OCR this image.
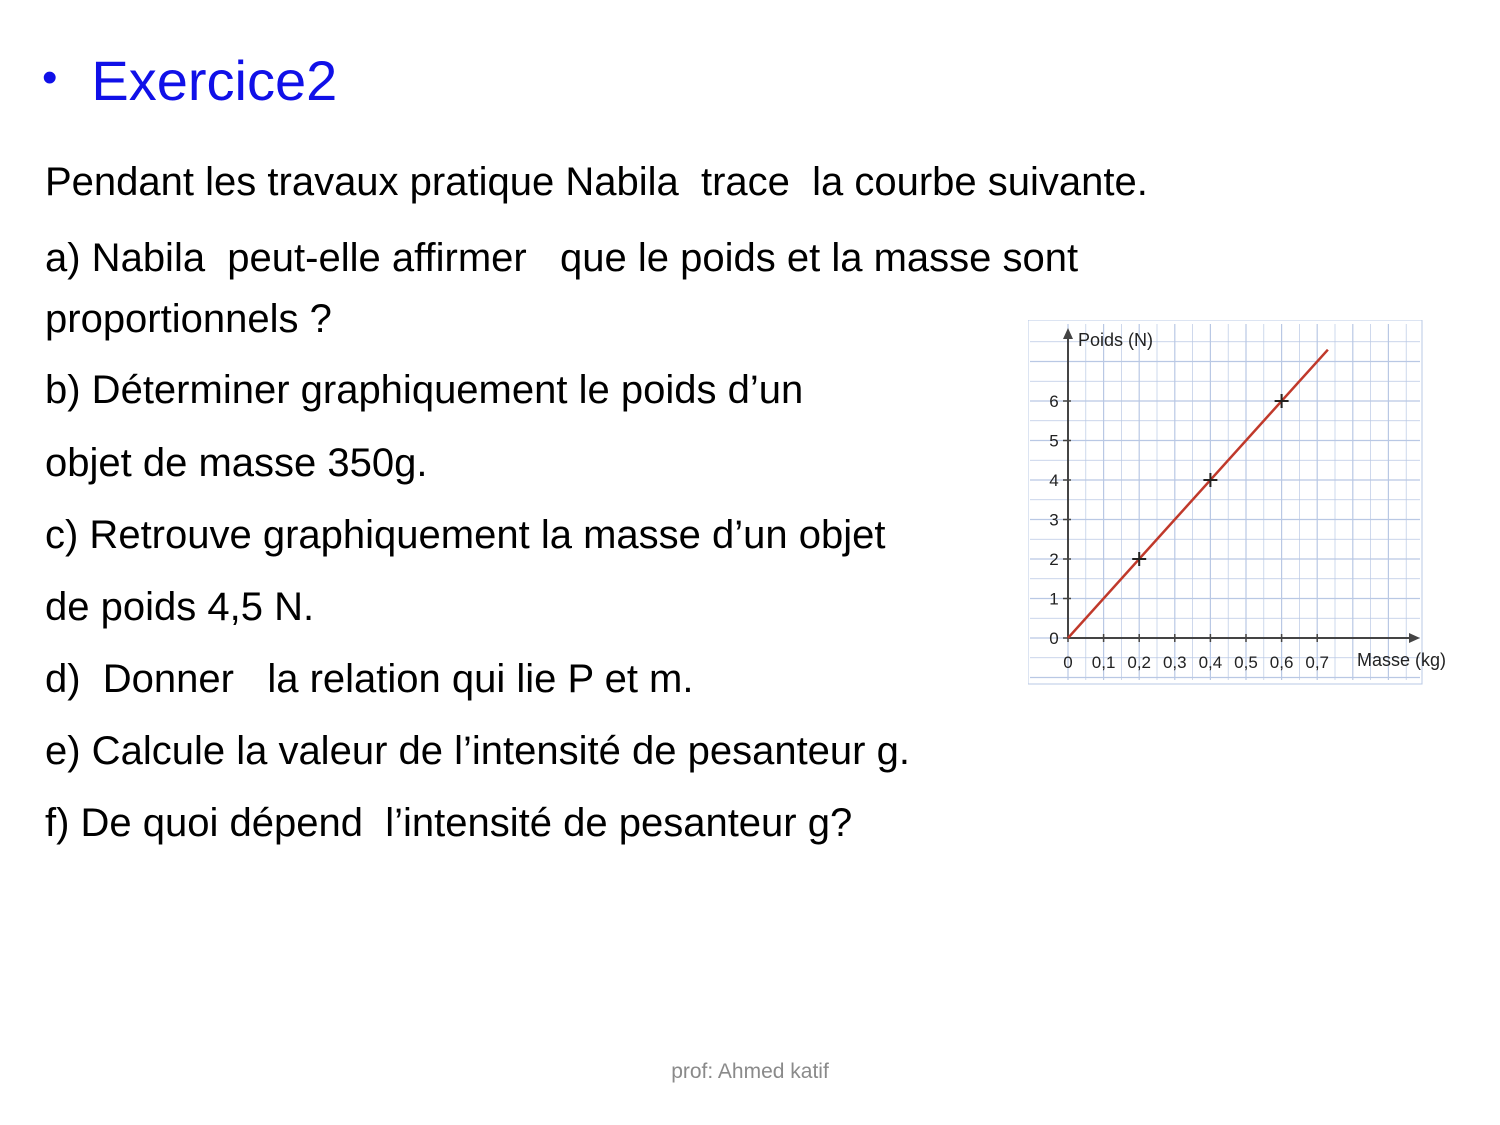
• Exercice2
Pendant les travaux pratique Nabila  trace  la courbe suivante.
a) Nabila  peut-elle affirmer   que le poids et la masse sont
proportionnels ?
b) Déterminer graphiquement le poids d’un
objet de masse 350g.
c) Retrouve graphiquement la masse d’un objet
de poids 4,5 N.
d)  Donner   la relation qui lie P et m.
e) Calcule la valeur de l’intensité de pesanteur g.
f) De quoi dépend  l’intensité de pesanteur g?
0 0,1 0,2 0,3 0,4 0,5 0,6 0,7
0
1
2
3
4
5
6
Poids (N)
Masse (kg)
prof: Ahmed katif
